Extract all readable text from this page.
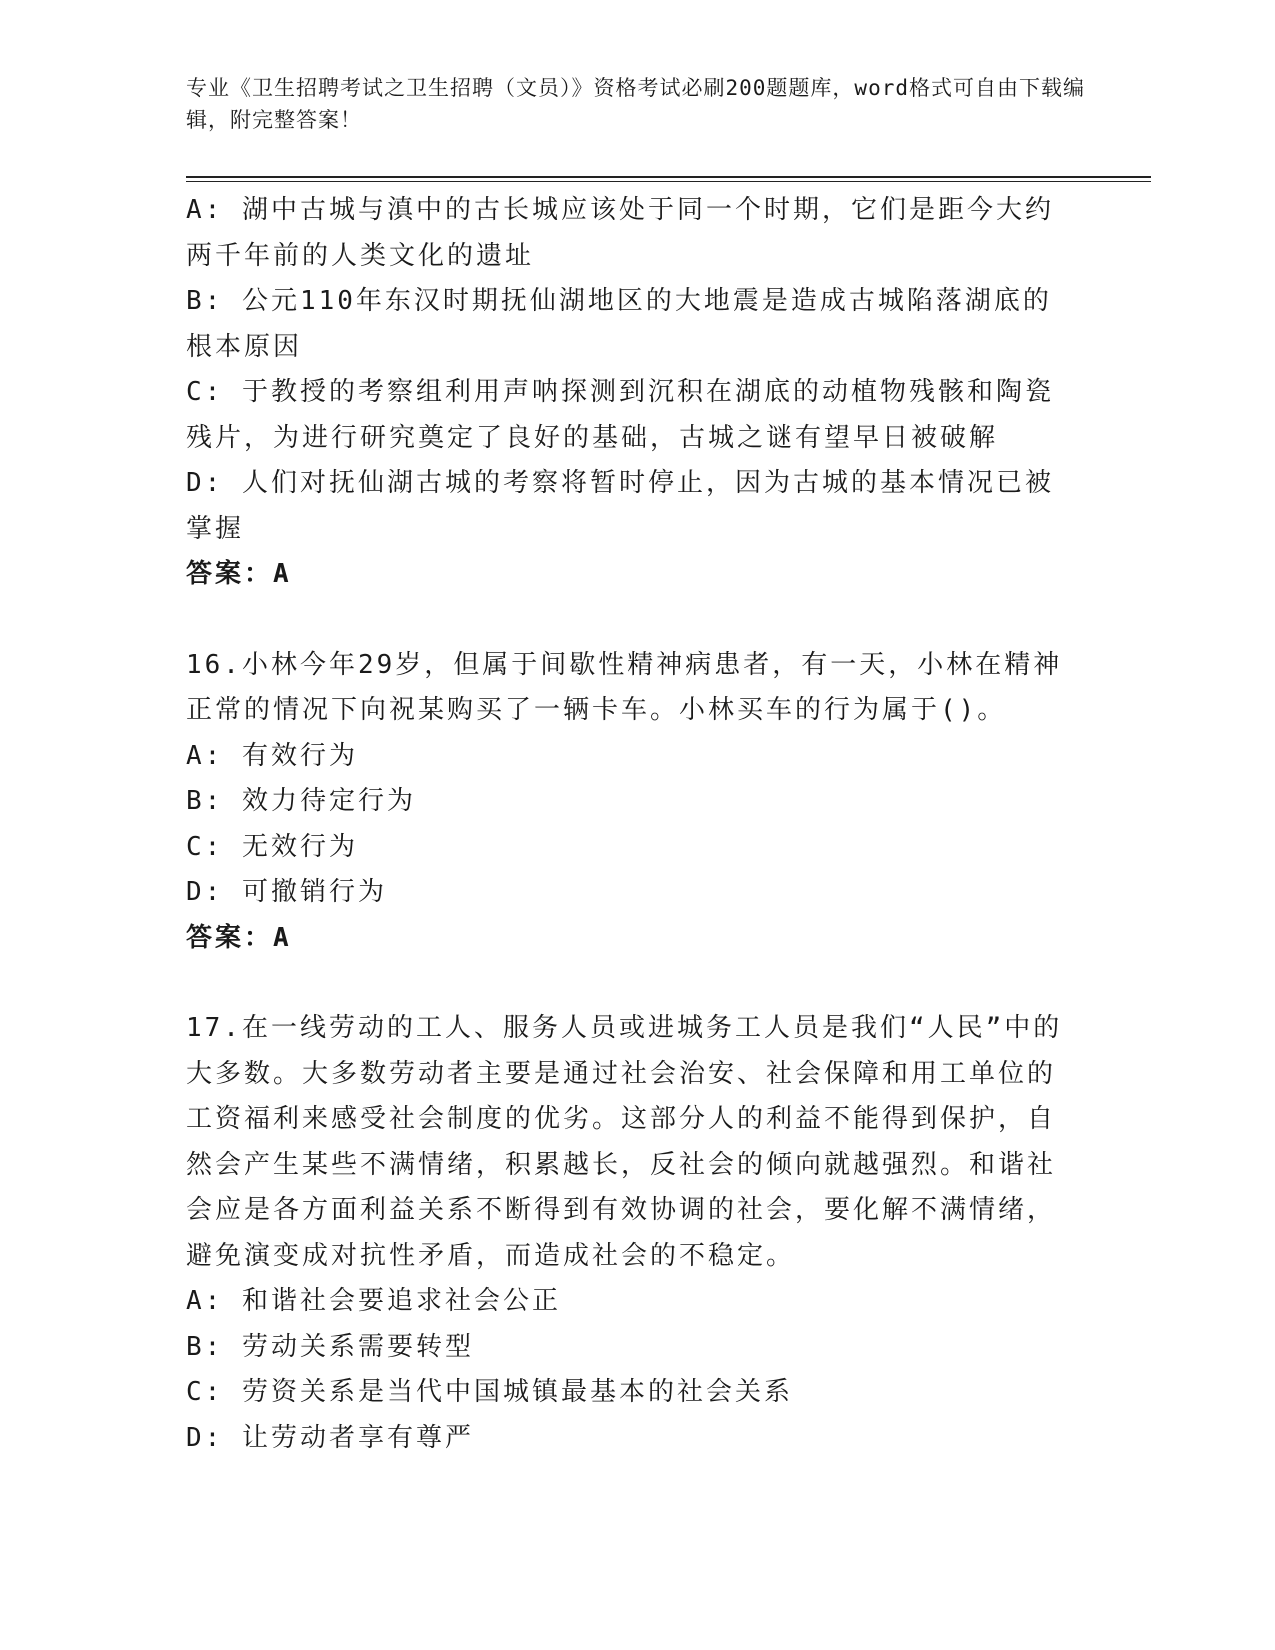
专业《卫生招聘考试之卫生招聘（文员）》资格考试必刷200题题库，word格式可自由下载编辑，附完整答案！

A: 湖中古城与滇中的古长城应该处于同一个时期，它们是距今大约两千年前的人类文化的遗址

B: 公元110年东汉时期抚仙湖地区的大地震是造成古城陷落湖底的根本原因

C: 于教授的考察组利用声呐探测到沉积在湖底的动植物残骸和陶瓷残片，为进行研究奠定了良好的基础，古城之谜有望早日被破解

D: 人们对抚仙湖古城的考察将暂时停止，因为古城的基本情况已被掌握

答案：A

16.小林今年29岁，但属于间歇性精神病患者，有一天，小林在精神正常的情况下向祝某购买了一辆卡车。小林买车的行为属于()。

A: 有效行为

B: 效力待定行为

C: 无效行为

D: 可撤销行为

答案：A

17.在一线劳动的工人、服务人员或进城务工人员是我们“人民”中的大多数。大多数劳动者主要是通过社会治安、社会保障和用工单位的工资福利来感受社会制度的优劣。这部分人的利益不能得到保护，自然会产生某些不满情绪，积累越长，反社会的倾向就越强烈。和谐社会应是各方面利益关系不断得到有效协调的社会，要化解不满情绪，避免演变成对抗性矛盾，而造成社会的不稳定。

A: 和谐社会要追求社会公正

B: 劳动关系需要转型

C: 劳资关系是当代中国城镇最基本的社会关系

D: 让劳动者享有尊严
